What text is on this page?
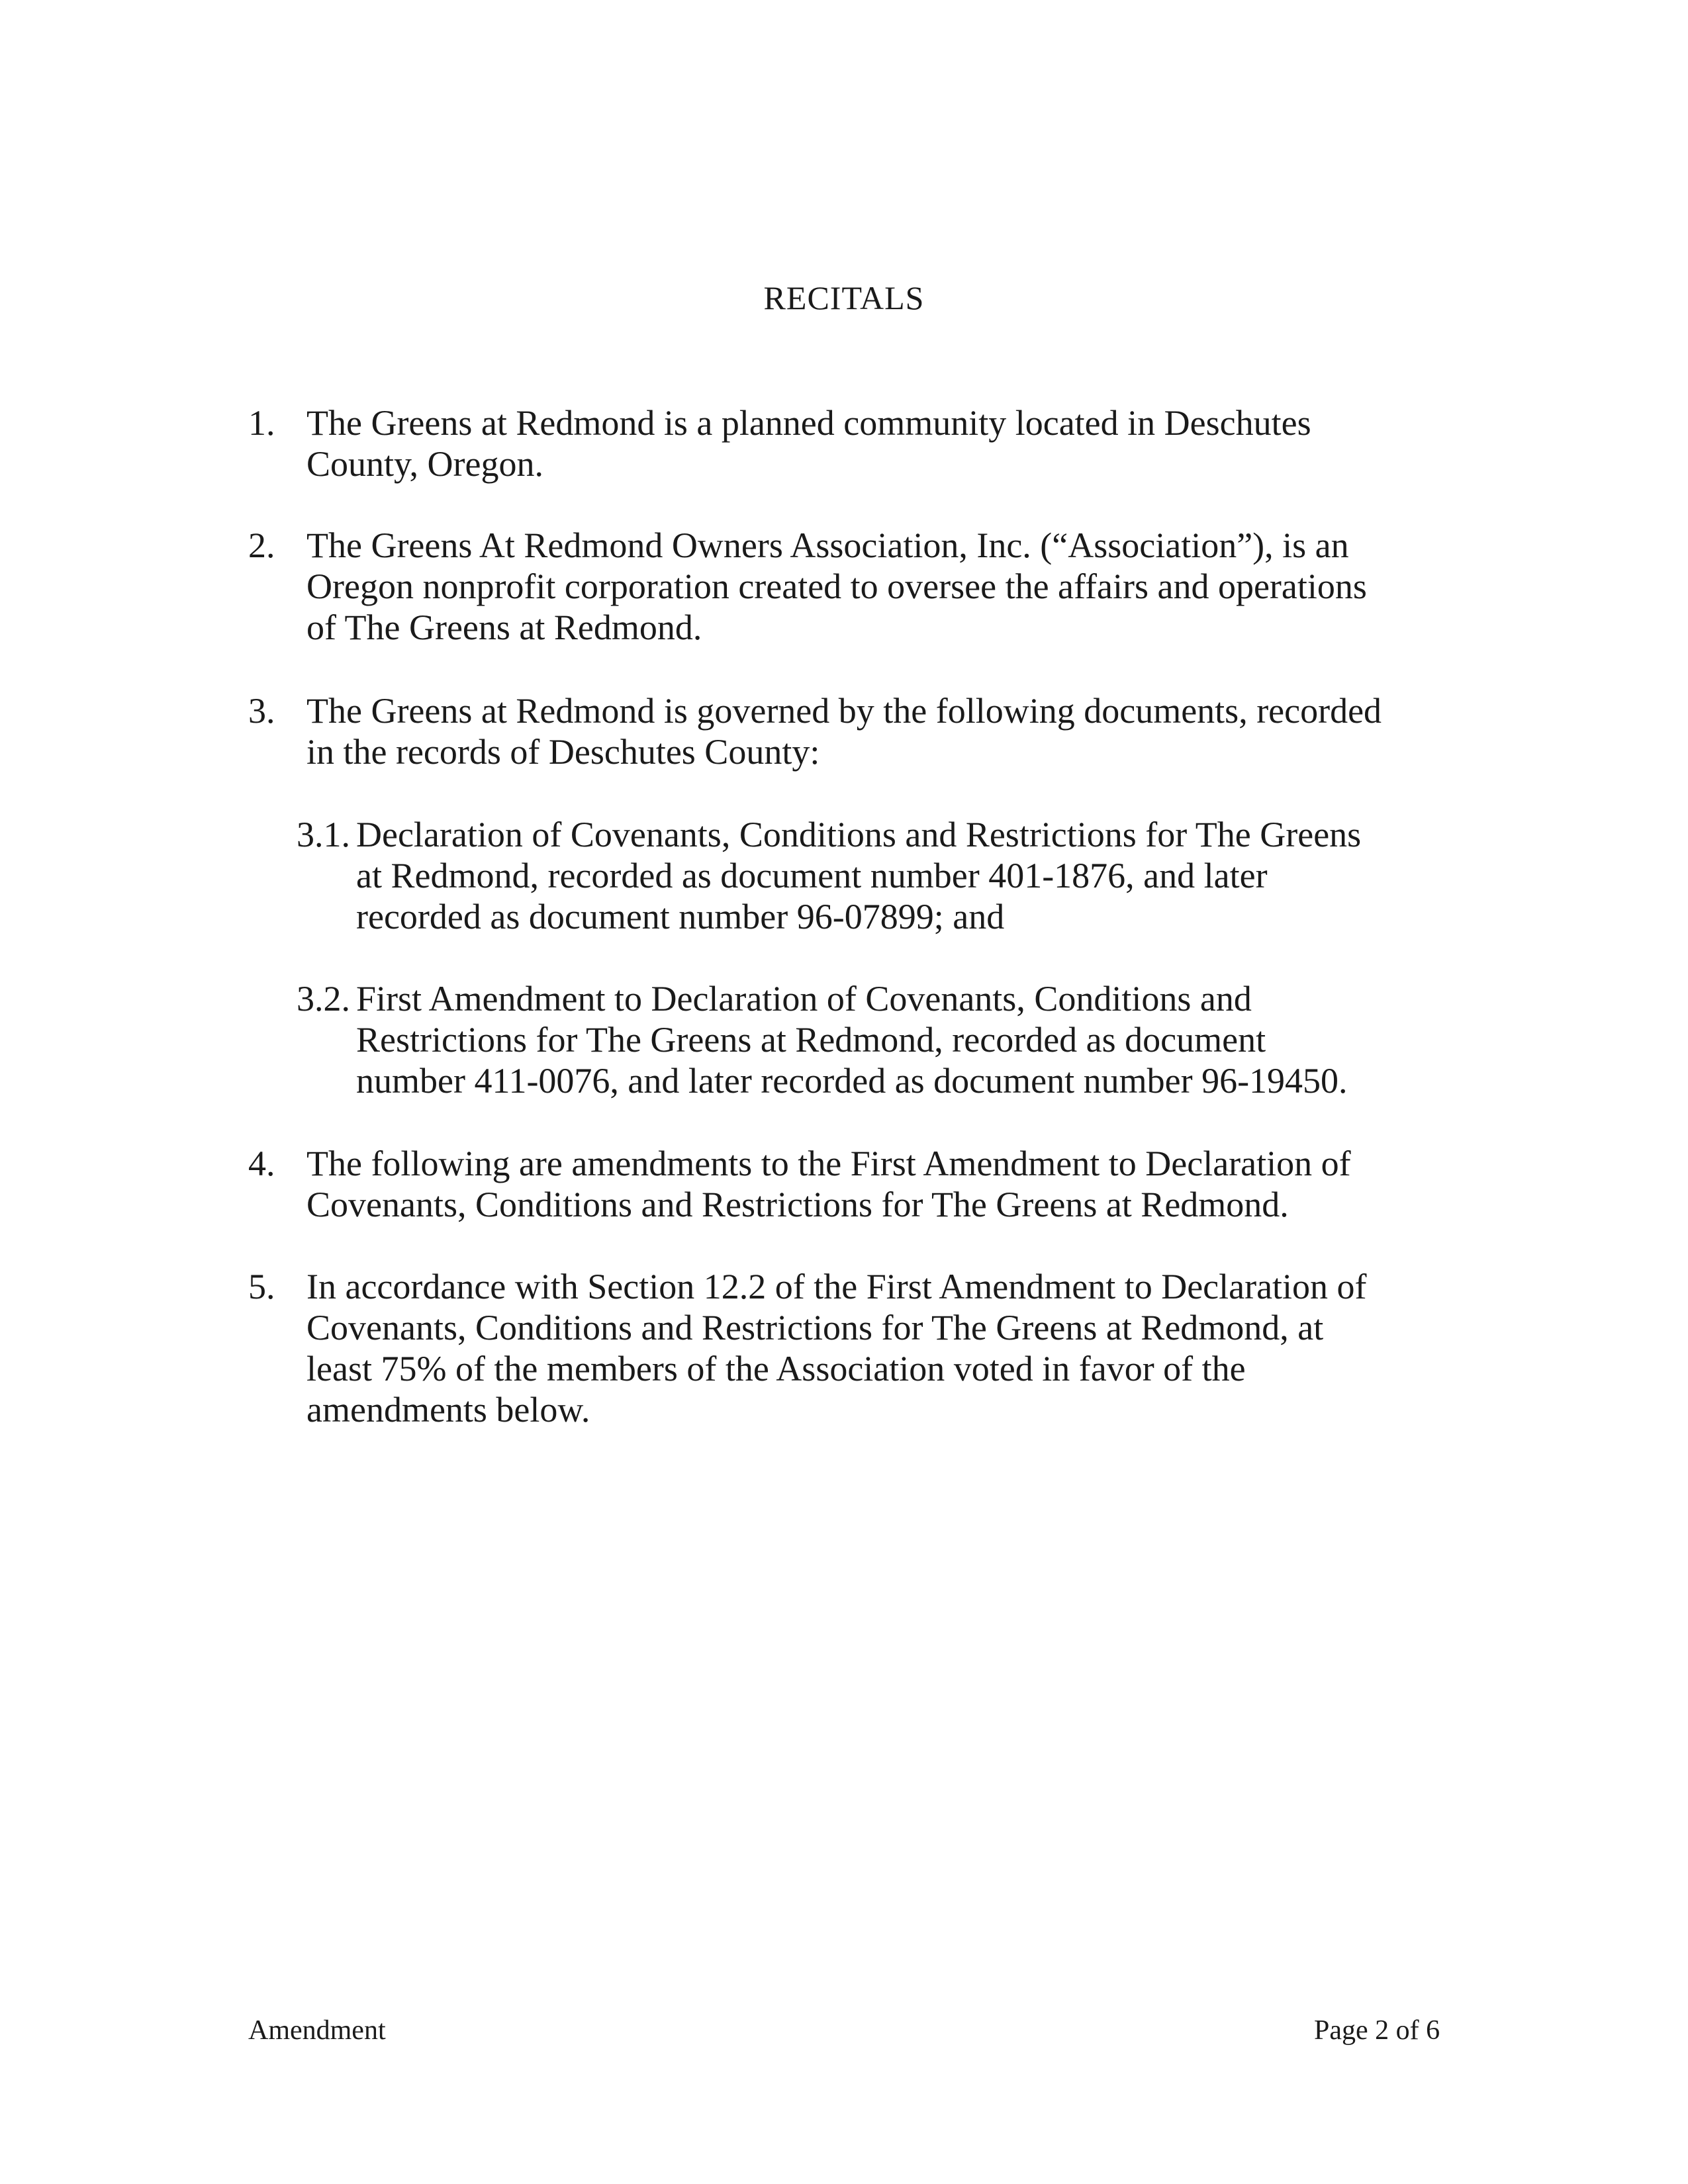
RECITALS
1. The Greens at Redmond is a planned community located in Deschutes
County, Oregon.
2. The Greens At Redmond Owners Association, Inc. (“Association”), is an
Oregon nonprofit corporation created to oversee the affairs and operations
of The Greens at Redmond.
3. The Greens at Redmond is governed by the following documents, recorded
in the records of Deschutes County:
3.1. Declaration of Covenants, Conditions and Restrictions for The Greens
at Redmond, recorded as document number 401-1876, and later
recorded as document number 96-07899; and
3.2. First Amendment to Declaration of Covenants, Conditions and
Restrictions for The Greens at Redmond, recorded as document
number 411-0076, and later recorded as document number 96-19450.
4. The following are amendments to the First Amendment to Declaration of
Covenants, Conditions and Restrictions for The Greens at Redmond.
5. In accordance with Section 12.2 of the First Amendment to Declaration of
Covenants, Conditions and Restrictions for The Greens at Redmond, at
least 75% of the members of the Association voted in favor of the
amendments below.
Amendment	Page 2 of 6
